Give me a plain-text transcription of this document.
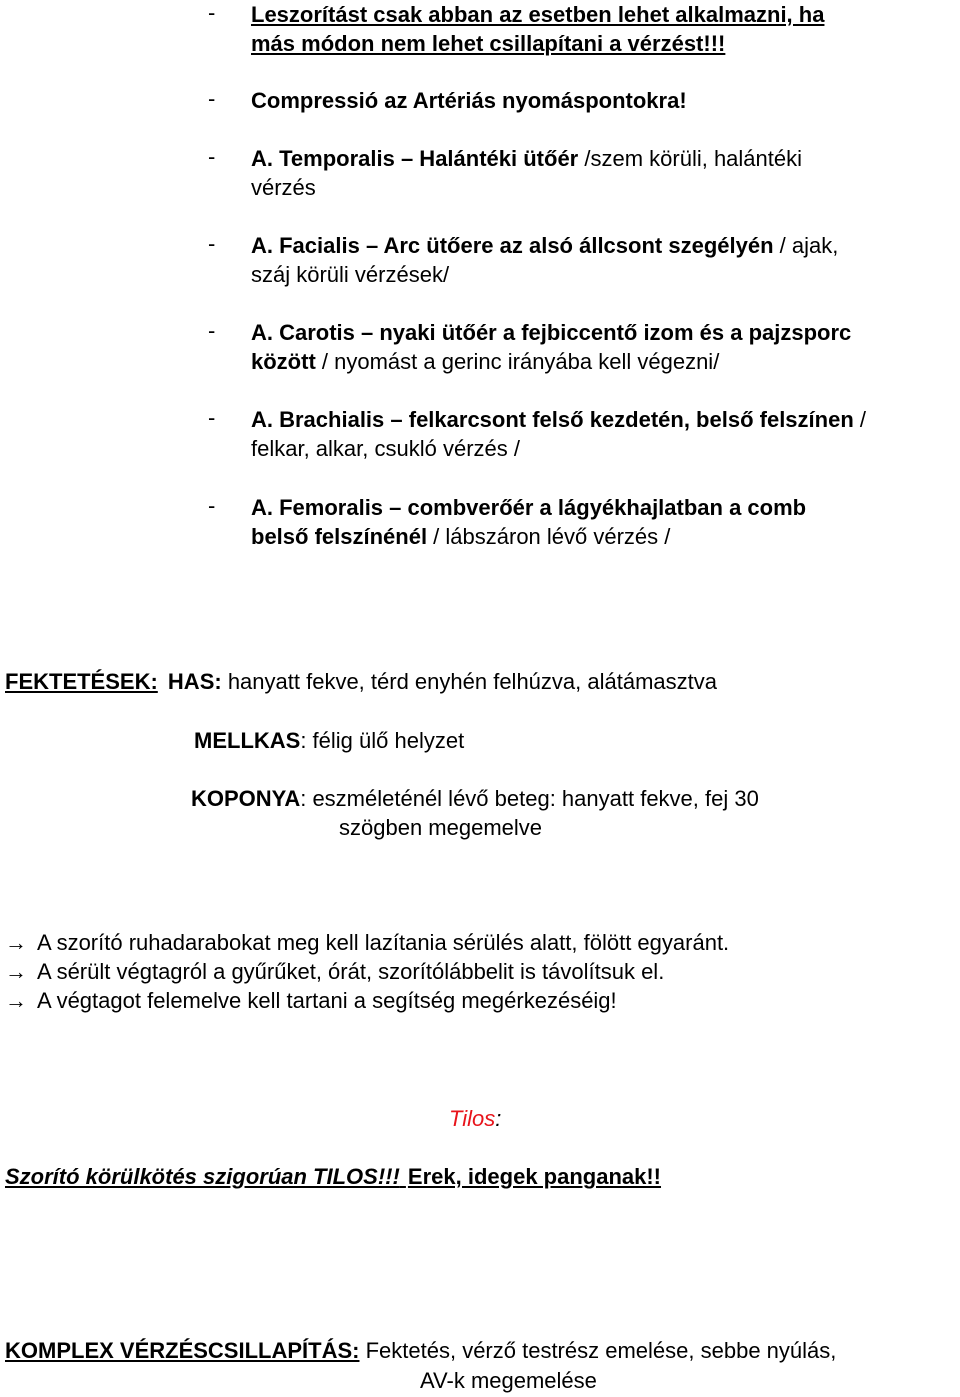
- Leszorítást csak abban az esetben lehet alkalmazni, ha
más módon nem lehet csillapítani a vérzést!!!
- Compressió az Artériás nyomáspontokra!
- A. Temporalis – Halántéki ütőér /szem körüli, halántéki
vérzés
- A. Facialis – Arc ütőere az alsó állcsont szegélyén / ajak,
száj körüli vérzések/
- A. Carotis – nyaki ütőér a fejbiccentő izom és a pajzsporc
között / nyomást a gerinc irányába kell végezni/
- A. Brachialis – felkarcsont felső kezdetén, belső felszínen /
felkar, alkar, csukló vérzés /
- A. Femoralis – combverőér a lágyékhajlatban a comb
belső felszínénél / lábszáron lévő vérzés /
FEKTETÉSEK: HAS: hanyatt fekve, térd enyhén felhúzva, alátámasztva
MELLKAS: félig ülő helyzet
KOPONYA: eszméleténél lévő beteg: hanyatt fekve, fej 30
szögben megemelve
→ A szorító ruhadarabokat meg kell lazítania sérülés alatt, fölött egyaránt.
→ A sérült végtagról a gyűrűket, órát, szorítólábbelit is távolítsuk el.
→ A végtagot felemelve kell tartani a segítség megérkezéséig!
Tilos:
Szorító körülkötés szigorúan TILOS!!! Erek, idegek panganak!!
KOMPLEX VÉRZÉSCSILLAPÍTÁS: Fektetés, vérző testrész emelése, sebbe nyúlás,
AV-k megemelése
